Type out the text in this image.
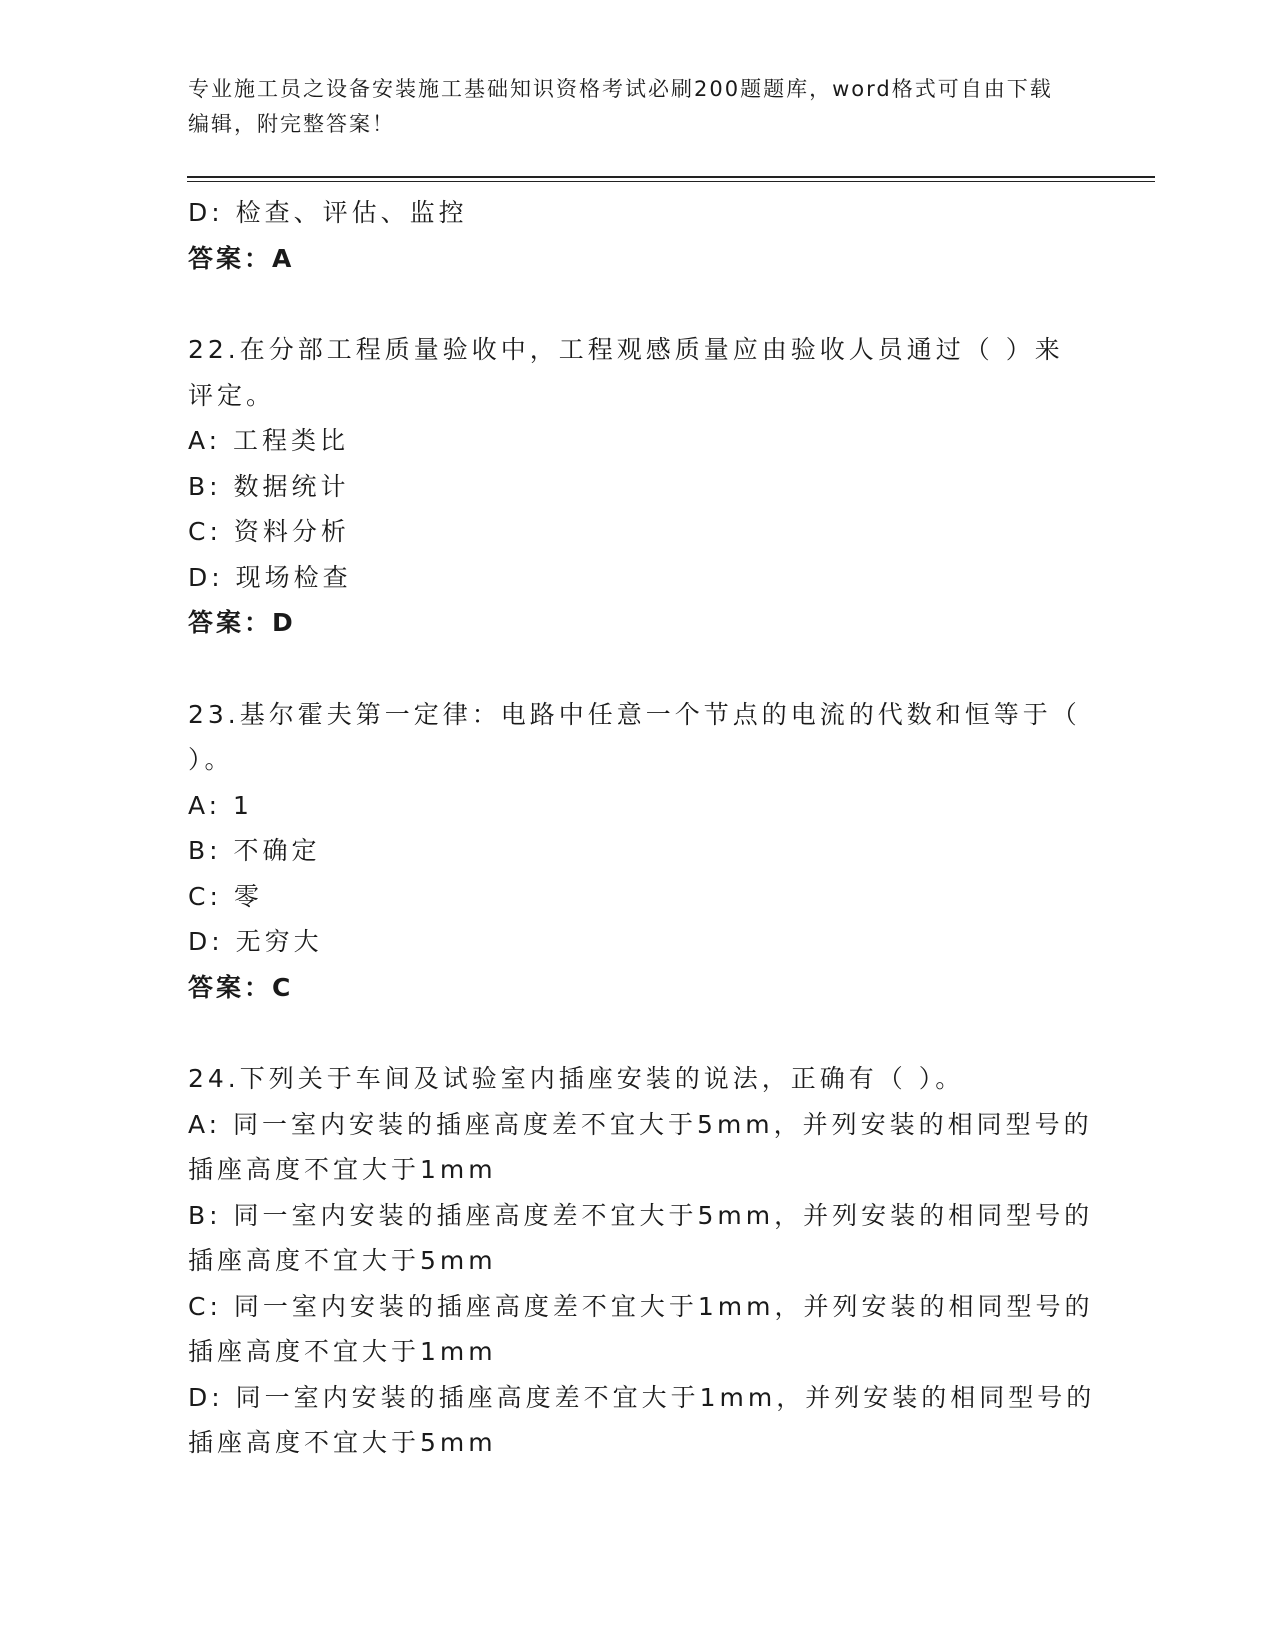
专业施工员之设备安装施工基础知识资格考试必刷200题题库，word格式可自由下载编辑，附完整答案！
D: 检查、评估、监控
答案：A
22.在分部工程质量验收中，工程观感质量应由验收人员通过（ ）来
评定。
A: 工程类比
B: 数据统计
C: 资料分析
D: 现场检查
答案：D
23.基尔霍夫第一定律：电路中任意一个节点的电流的代数和恒等于（
）。
A: 1
B: 不确定
C: 零
D: 无穷大
答案：C
24.下列关于车间及试验室内插座安装的说法，正确有（ ）。
A: 同一室内安装的插座高度差不宜大于5mm，并列安装的相同型号的
插座高度不宜大于1mm
B: 同一室内安装的插座高度差不宜大于5mm，并列安装的相同型号的
插座高度不宜大于5mm
C: 同一室内安装的插座高度差不宜大于1mm，并列安装的相同型号的
插座高度不宜大于1mm
D: 同一室内安装的插座高度差不宜大于1mm，并列安装的相同型号的
插座高度不宜大于5mm
